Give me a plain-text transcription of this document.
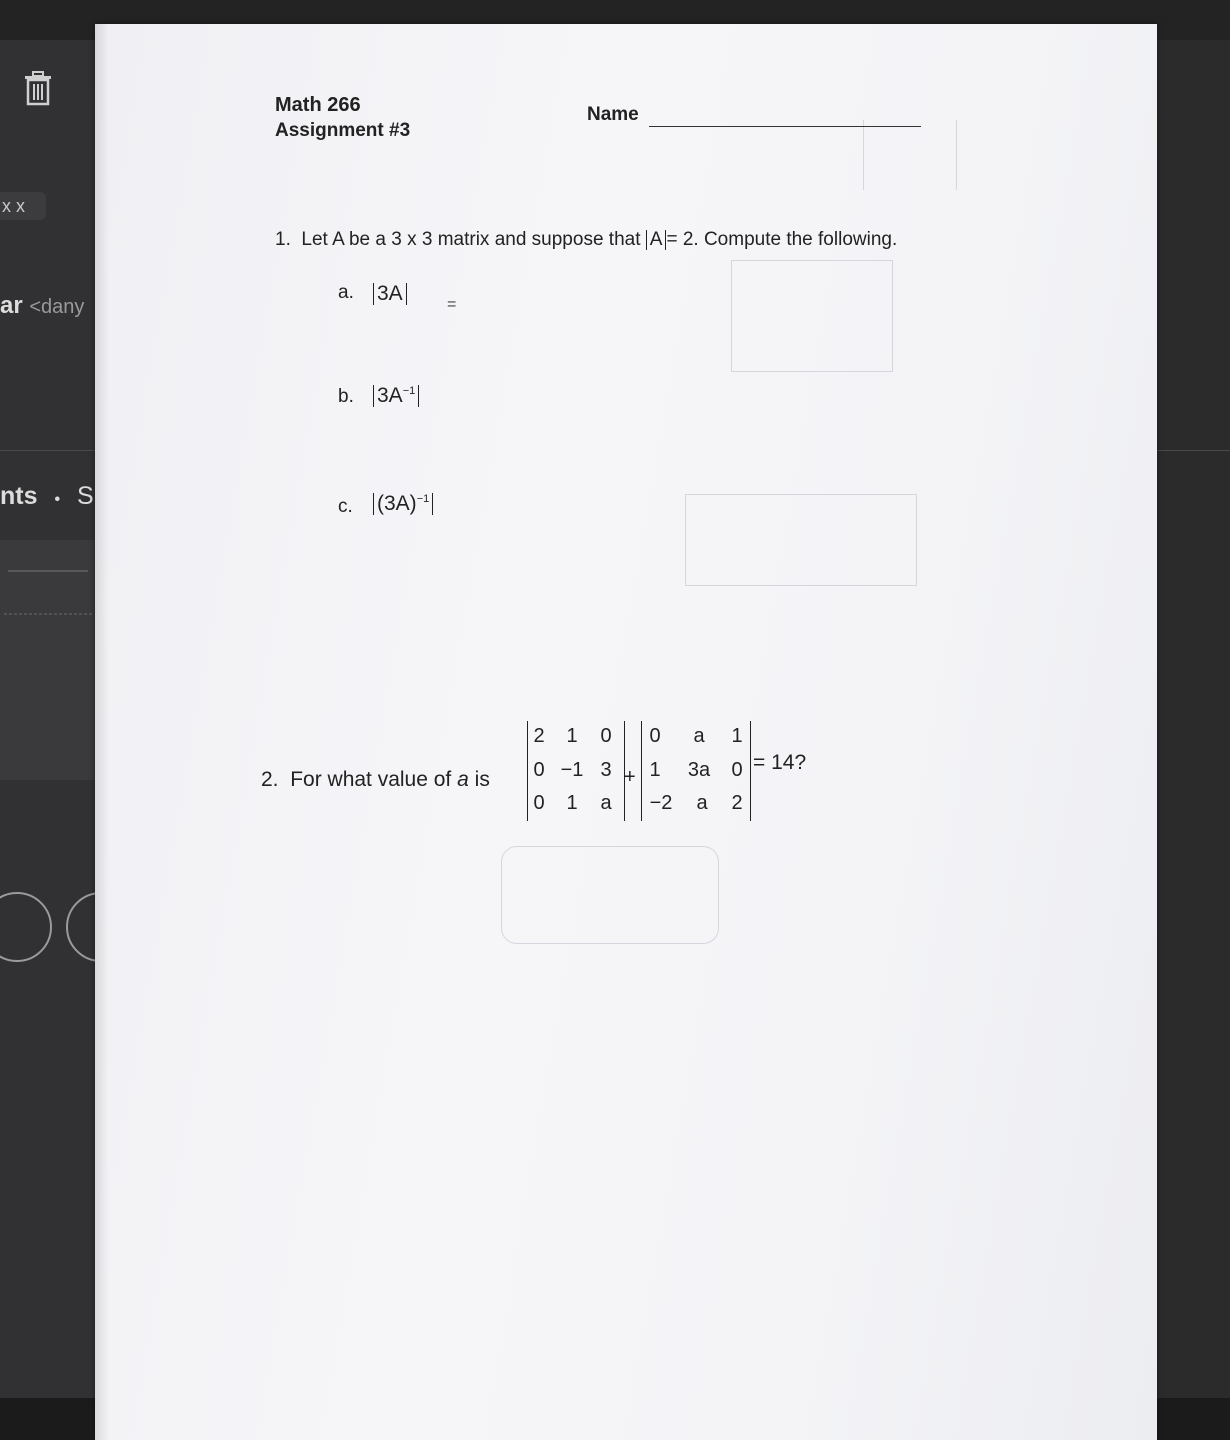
x x
ar <dany
nts • S
Math 266
Assignment #3
Name
1. Let A be a 3 x 3 matrix and suppose that A = 2. Compute the following.
a. 3A	=
b. $3A^{-1}$
c. $(3A)^{-1}$
2. For what value of a is
2	1	0
0 −1 3
0	1	a
+
0	a	1
1	3a	0
−2	a	2
= 14?
